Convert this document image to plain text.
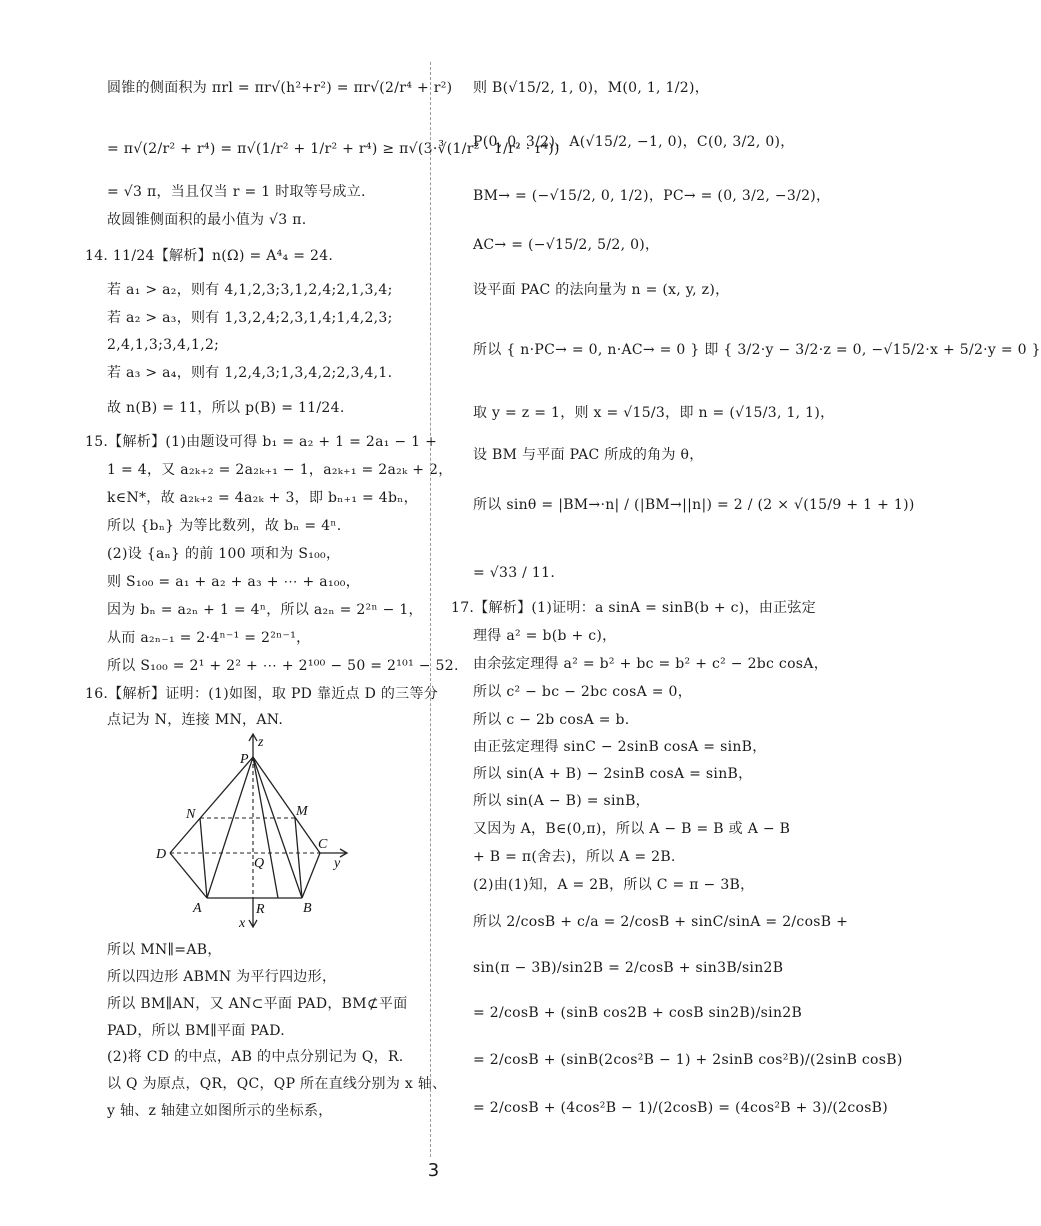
圆锥的侧面积为 πrl = πr√(h²+r²) = πr√(2/r⁴ + r²)
= π√(2/r² + r⁴) = π√(1/r² + 1/r² + r⁴) ≥ π√(3·∛(1/r² · 1/r² · r⁴))
= √3 π，当且仅当 r = 1 时取等号成立.
故圆锥侧面积的最小值为 √3 π.
14. 11/24【解析】n(Ω) = A⁴₄ = 24.
若 a₁ > a₂，则有 4,1,2,3;3,1,2,4;2,1,3,4;
若 a₂ > a₃，则有 1,3,2,4;2,3,1,4;1,4,2,3;
2,4,1,3;3,4,1,2;
若 a₃ > a₄，则有 1,2,4,3;1,3,4,2;2,3,4,1.
故 n(B) = 11，所以 p(B) = 11/24.
15.【解析】(1)由题设可得 b₁ = a₂ + 1 = 2a₁ − 1 +
1 = 4，又 a₂ₖ₊₂ = 2a₂ₖ₊₁ − 1，a₂ₖ₊₁ = 2a₂ₖ + 2，
k∈N*，故 a₂ₖ₊₂ = 4a₂ₖ + 3，即 bₙ₊₁ = 4bₙ，
所以 {bₙ} 为等比数列，故 bₙ = 4ⁿ.
(2)设 {aₙ} 的前 100 项和为 S₁₀₀，
则 S₁₀₀ = a₁ + a₂ + a₃ + ⋯ + a₁₀₀，
因为 bₙ = a₂ₙ + 1 = 4ⁿ，所以 a₂ₙ = 2²ⁿ − 1，
从而 a₂ₙ₋₁ = 2·4ⁿ⁻¹ = 2²ⁿ⁻¹，
所以 S₁₀₀ = 2¹ + 2² + ⋯ + 2¹⁰⁰ − 50 = 2¹⁰¹ − 52.
16.【解析】证明：(1)如图，取 PD 靠近点 D 的三等分
点记为 N，连接 MN，AN.
P
z
N	M
C
y
D
Q
A	R	B
x
所以 MN∥=AB，
所以四边形 ABMN 为平行四边形，
所以 BM∥AN，又 AN⊂平面 PAD，BM⊄平面
PAD，所以 BM∥平面 PAD.
(2)将 CD 的中点，AB 的中点分别记为 Q，R.
以 Q 为原点，QR，QC，QP 所在直线分别为 x 轴、
y 轴、z 轴建立如图所示的坐标系，
则 B(√15/2, 1, 0)，M(0, 1, 1/2)，
P(0, 0, 3/2)，A(√15/2, −1, 0)，C(0, 3/2, 0)，
BM→ = (−√15/2, 0, 1/2)，PC→ = (0, 3/2, −3/2)，
AC→ = (−√15/2, 5/2, 0)，
设平面 PAC 的法向量为 n = (x, y, z)，
所以 { n·PC→ = 0, n·AC→ = 0 } 即 { 3/2·y − 3/2·z = 0, −√15/2·x + 5/2·y = 0 }
取 y = z = 1，则 x = √15/3，即 n = (√15/3, 1, 1)，
设 BM 与平面 PAC 所成的角为 θ，
所以 sinθ = |BM→·n| / (|BM→||n|) = 2 / (2 × √(15/9 + 1 + 1))
= √33 / 11.
17.【解析】(1)证明：a sinA = sinB(b + c)，由正弦定
理得 a² = b(b + c)，
由余弦定理得 a² = b² + bc = b² + c² − 2bc cosA，
所以 c² − bc − 2bc cosA = 0，
所以 c − 2b cosA = b.
由正弦定理得 sinC − 2sinB cosA = sinB，
所以 sin(A + B) − 2sinB cosA = sinB，
所以 sin(A − B) = sinB，
又因为 A，B∈(0,π)，所以 A − B = B 或 A − B
+ B = π(舍去)，所以 A = 2B.
(2)由(1)知，A = 2B，所以 C = π − 3B，
所以 2/cosB + c/a = 2/cosB + sinC/sinA = 2/cosB +
sin(π − 3B)/sin2B = 2/cosB + sin3B/sin2B
= 2/cosB + (sinB cos2B + cosB sin2B)/sin2B
= 2/cosB + (sinB(2cos²B − 1) + 2sinB cos²B)/(2sinB cosB)
= 2/cosB + (4cos²B − 1)/(2cosB) = (4cos²B + 3)/(2cosB)
3
